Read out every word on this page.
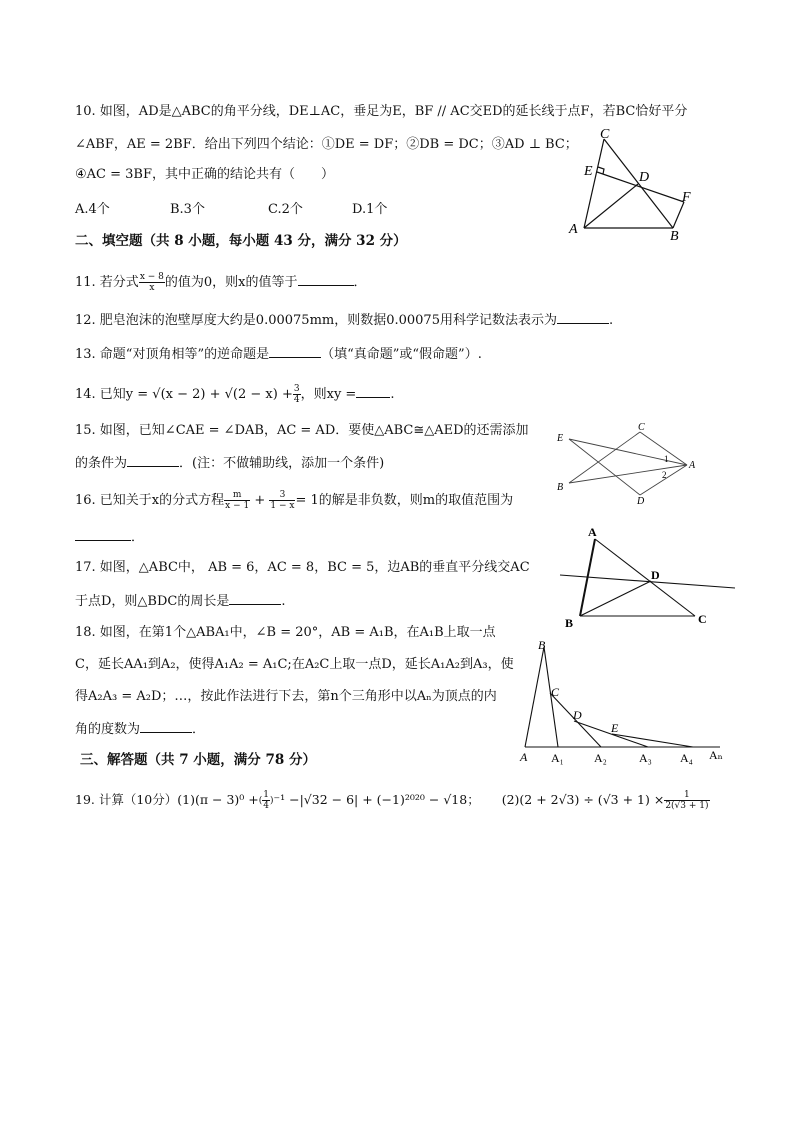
10. 如图，AD是△ABC的角平分线，DE⊥AC，垂足为E，BF // AC交ED的延长线于点F，若BC恰好平分
∠ABF，AE = 2BF．给出下列四个结论：①DE = DF；②DB = DC；③AD ⊥ BC；
④AC = 3BF，其中正确的结论共有（　　）
A.4个	B.3个	C.2个	D.1个
C
E	D
F
A	B
二、填空题（共 8 小题，每小题 43 分，满分 32 分）
11. 若分式 $\frac{x - 8}{x}$ 的值为0，则x的值等于	．
12. 肥皂泡沫的泡壁厚度大约是0.00075mm，则数据0.00075用科学记数法表示为	.
13. 命题“对顶角相等”的逆命题是	（填“真命题”或“假命题”）.
14. 已知$y = √(x - 2) + √(2 - x) + \frac{3}{4}$ ，则xy =	.
15. 如图，已知∠CAE = ∠DAB，AC = AD．要使△ABC≅△AED的还需添加
的条件为	．(注：不做辅助线，添加一个条件)
C
E
A
B
D
1
2
16. 已知关于x的分式方程 $\frac{m}{x - 1} + \frac{3}{1 - x} = 1$的解是非负数，则m的取值范围为
．
17. 如图，△ABC中， AB = 6，AC = 8，BC = 5，边AB的垂直平分线交AC
于点D，则△BDC的周长是	.
A
D
B	C
18. 如图，在第1个△ABA₁中，∠B = 20°，AB = A₁B，在A₁B上取一点
C，延长AA₁到A₂，使得A₁A₂ = A₁C;在A₂C上取一点D，延长A₁A₂到A₃，使
得A₂A₃ = A₂D；…，按此作法进行下去，第n个三角形中以Aₙ为顶点的内
角的度数为	．
B
C
D
E
A A₁	A₂	A₃ A₄ Aₙ
三、解答题（共 7 小题，满分 78 分）
19. 计算（10分）(1)(π − 3)⁰ +( $\frac{1}{4} )^{-1} -|√32 - 6| + (-1)^{2020} - √18$； $(2)(2 + 2√3) \div (√3 + 1) \times \frac{1}{2(√3 + 1)}$
